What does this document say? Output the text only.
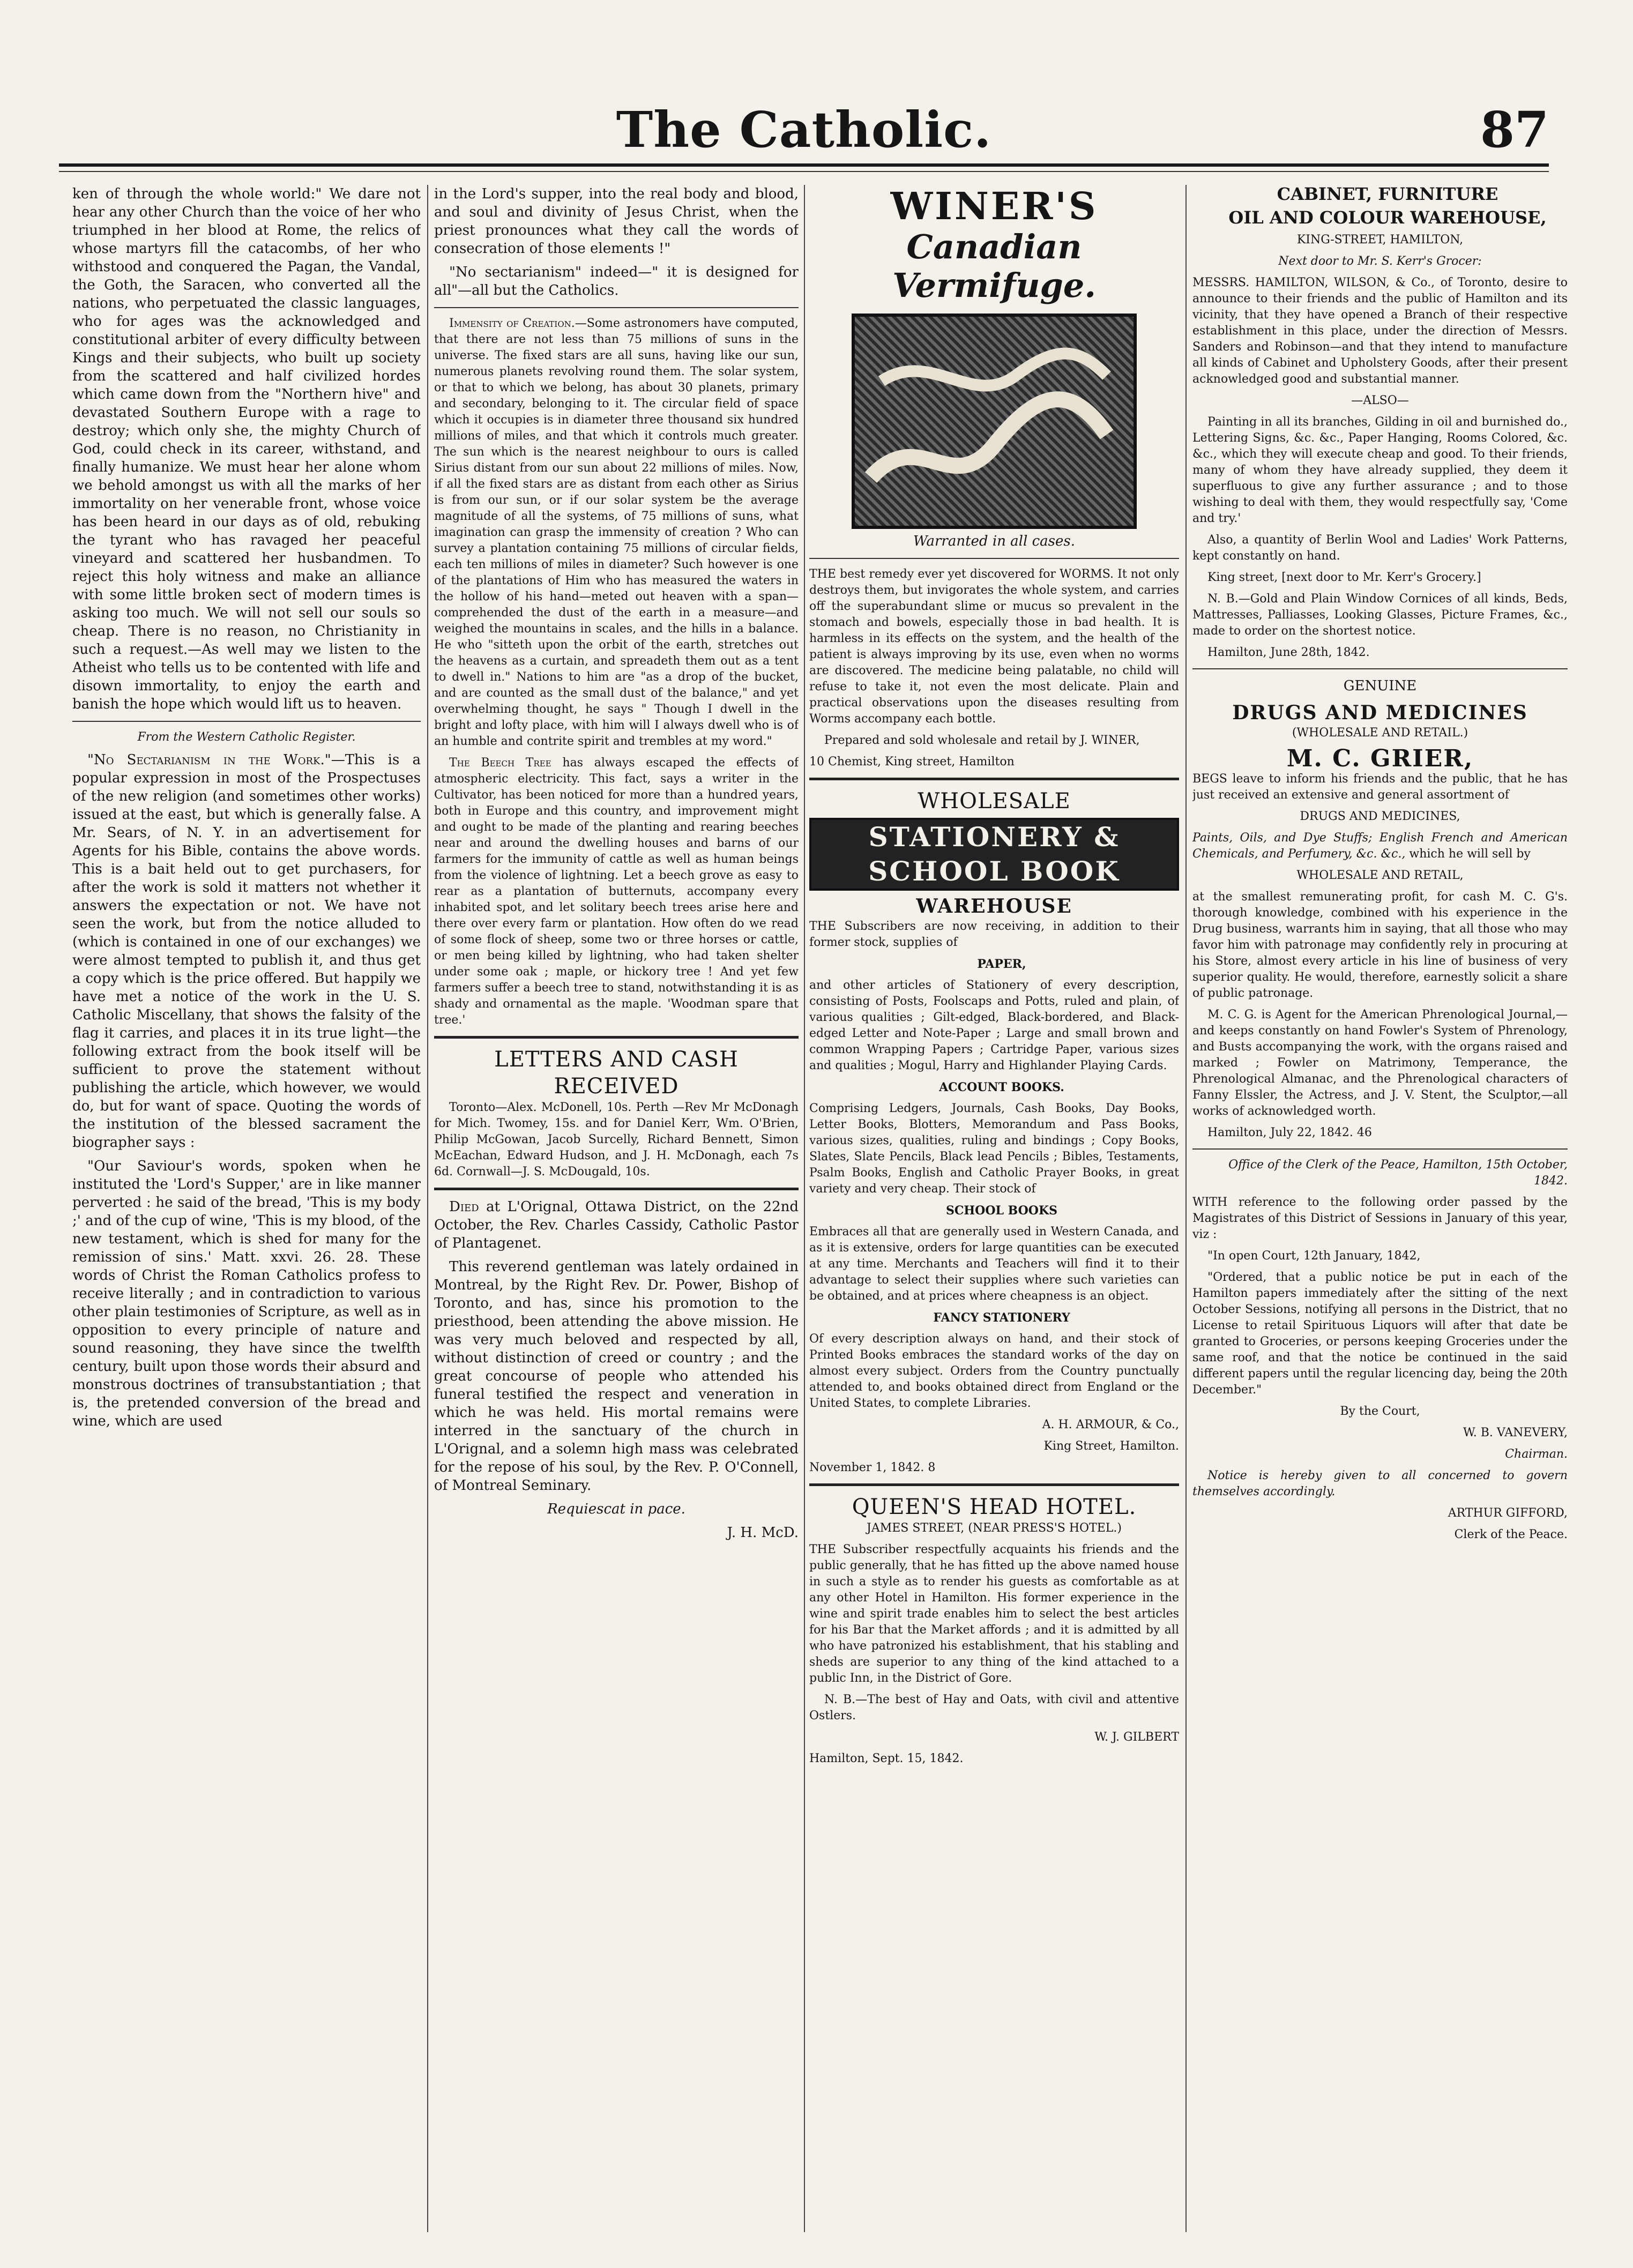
The Catholic.	87

ken of through the whole world:" We dare not hear any other Church than the voice of her who triumphed in her blood at Rome, the relics of whose martyrs fill the catacombs, of her who withstood and conquered the Pagan, the Vandal, the Goth, the Saracen, who converted all the nations, who perpetuated the classic languages, who for ages was the acknowledged and constitutional arbiter of every difficulty between Kings and their subjects, who built up society from the scattered and half civilized hordes which came down from the "Northern hive" and devastated Southern Europe with a rage to destroy; which only she, the mighty Church of God, could check in its career, withstand, and finally humanize. We must hear her alone whom we behold amongst us with all the marks of her immortality on her venerable front, whose voice has been heard in our days as of old, rebuking the tyrant who has ravaged her peaceful vineyard and scattered her husbandmen. To reject this holy witness and make an alliance with some little broken sect of modern times is asking too much. We will not sell our souls so cheap. There is no reason, no Christianity in such a request.—As well may we listen to the Atheist who tells us to be contented with life and disown immortality, to enjoy the earth and banish the hope which would lift us to heaven.

From the Western Catholic Register.

"No Sectarianism in the Work."—This is a popular expression in most of the Prospectuses of the new religion (and sometimes other works) issued at the east, but which is generally false. A Mr. Sears, of N. Y. in an advertisement for Agents for his Bible, contains the above words. This is a bait held out to get purchasers, for after the work is sold it matters not whether it answers the expectation or not. We have not seen the work, but from the notice alluded to (which is contained in one of our exchanges) we were almost tempted to publish it, and thus get a copy which is the price offered. But happily we have met a notice of the work in the U. S. Catholic Miscellany, that shows the falsity of the flag it carries, and places it in its true light—the following extract from the book itself will be sufficient to prove the statement without publishing the article, which however, we would do, but for want of space. Quoting the words of the institution of the blessed sacrament the biographer says :

"Our Saviour's words, spoken when he instituted the 'Lord's Supper,' are in like manner perverted : he said of the bread, 'This is my body ;' and of the cup of wine, 'This is my blood, of the new testament, which is shed for many for the remission of sins.' Matt. xxvi. 26. 28. These words of Christ the Roman Catholics profess to receive literally ; and in contradiction to various other plain testimonies of Scripture, as well as in opposition to every principle of nature and sound reasoning, they have since the twelfth century, built upon those words their absurd and monstrous doctrines of transubstantiation ; that is, the pretended conversion of the bread and wine, which are used

in the Lord's supper, into the real body and blood, and soul and divinity of Jesus Christ, when the priest pronounces what they call the words of consecration of those elements !"

"No sectarianism" indeed—" it is designed for all"—all but the Catholics.

Immensity of Creation.—Some astronomers have computed, that there are not less than 75 millions of suns in the universe. The fixed stars are all suns, having like our sun, numerous planets revolving round them. The solar system, or that to which we belong, has about 30 planets, primary and secondary, belonging to it. The circular field of space which it occupies is in diameter three thousand six hundred millions of miles, and that which it controls much greater. The sun which is the nearest neighbour to ours is called Sirius distant from our sun about 22 millions of miles. Now, if all the fixed stars are as distant from each other as Sirius is from our sun, or if our solar system be the average magnitude of all the systems, of 75 millions of suns, what imagination can grasp the immensity of creation ? Who can survey a plantation containing 75 millions of circular fields, each ten millions of miles in diameter? Such however is one of the plantations of Him who has measured the waters in the hollow of his hand—meted out heaven with a span—comprehended the dust of the earth in a measure—and weighed the mountains in scales, and the hills in a balance. He who "sitteth upon the orbit of the earth, stretches out the heavens as a curtain, and spreadeth them out as a tent to dwell in." Nations to him are "as a drop of the bucket, and are counted as the small dust of the balance," and yet overwhelming thought, he says " Though I dwell in the bright and lofty place, with him will I always dwell who is of an humble and contrite spirit and trembles at my word."

The Beech Tree has always escaped the effects of atmospheric electricity. This fact, says a writer in the Cultivator, has been noticed for more than a hundred years, both in Europe and this country, and improvement might and ought to be made of the planting and rearing beeches near and around the dwelling houses and barns of our farmers for the immunity of cattle as well as human beings from the violence of lightning. Let a beech grove as easy to rear as a plantation of butternuts, accompany every inhabited spot, and let solitary beech trees arise here and there over every farm or plantation. How often do we read of some flock of sheep, some two or three horses or cattle, or men being killed by lightning, who had taken shelter under some oak ; maple, or hickory tree ! And yet few farmers suffer a beech tree to stand, notwithstanding it is as shady and ornamental as the maple. 'Woodman spare that tree.'

LETTERS AND CASH RECEIVED

Toronto—Alex. McDonell, 10s. Perth —Rev Mr McDonagh for Mich. Twomey, 15s. and for Daniel Kerr, Wm. O'Brien, Philip McGowan, Jacob Surcelly, Richard Bennett, Simon McEachan, Edward Hudson, and J. H. McDonagh, each 7s 6d. Cornwall—J. S. McDougald, 10s.

Died at L'Orignal, Ottawa District, on the 22nd October, the Rev. Charles Cassidy, Catholic Pastor of Plantagenet.

This reverend gentleman was lately ordained in Montreal, by the Right Rev. Dr. Power, Bishop of Toronto, and has, since his promotion to the priesthood, been attending the above mission. He was very much beloved and respected by all, without distinction of creed or country ; and the great concourse of people who attended his funeral testified the respect and veneration in which he was held. His mortal remains were interred in the sanctuary of the church in L'Orignal, and a solemn high mass was celebrated for the repose of his soul, by the Rev. P. O'Connell, of Montreal Seminary.

Requiescat in pace.

J. H. McD.

WINER'S
Canadian Vermifuge.

Warranted in all cases.

THE best remedy ever yet discovered for WORMS. It not only destroys them, but invigorates the whole system, and carries off the superabundant slime or mucus so prevalent in the stomach and bowels, especially those in bad health. It is harmless in its effects on the system, and the health of the patient is always improving by its use, even when no worms are discovered. The medicine being palatable, no child will refuse to take it, not even the most delicate. Plain and practical observations upon the diseases resulting from Worms accompany each bottle.

Prepared and sold wholesale and retail by J. WINER,

10 Chemist, King street, Hamilton

WHOLESALE
STATIONERY & SCHOOL BOOK
WAREHOUSE

THE Subscribers are now receiving, in addition to their former stock, supplies of

PAPER,

and other articles of Stationery of every description, consisting of Posts, Foolscaps and Potts, ruled and plain, of various qualities ; Gilt-edged, Black-bordered, and Black-edged Letter and Note-Paper ; Large and small brown and common Wrapping Papers ; Cartridge Paper, various sizes and qualities ; Mogul, Harry and Highlander Playing Cards.

ACCOUNT BOOKS.

Comprising Ledgers, Journals, Cash Books, Day Books, Letter Books, Blotters, Memorandum and Pass Books, various sizes, qualities, ruling and bindings ; Copy Books, Slates, Slate Pencils, Black lead Pencils ; Bibles, Testaments, Psalm Books, English and Catholic Prayer Books, in great variety and very cheap. Their stock of

SCHOOL BOOKS

Embraces all that are generally used in Western Canada, and as it is extensive, orders for large quantities can be executed at any time. Merchants and Teachers will find it to their advantage to select their supplies where such varieties can be obtained, and at prices where cheapness is an object.

FANCY STATIONERY

Of every description always on hand, and their stock of Printed Books embraces the standard works of the day on almost every subject. Orders from the Country punctually attended to, and books obtained direct from England or the United States, to complete Libraries.

A. H. ARMOUR, & Co.,

King Street, Hamilton.

November 1, 1842. 8

QUEEN'S HEAD HOTEL.

JAMES STREET, (NEAR PRESS'S HOTEL.)

THE Subscriber respectfully acquaints his friends and the public generally, that he has fitted up the above named house in such a style as to render his guests as comfortable as at any other Hotel in Hamilton. His former experience in the wine and spirit trade enables him to select the best articles for his Bar that the Market affords ; and it is admitted by all who have patronized his establishment, that his stabling and sheds are superior to any thing of the kind attached to a public Inn, in the District of Gore.

N. B.—The best of Hay and Oats, with civil and attentive Ostlers.

W. J. GILBERT

Hamilton, Sept. 15, 1842.

CABINET, FURNITURE

OIL AND COLOUR WAREHOUSE,

KING-STREET, HAMILTON,

Next door to Mr. S. Kerr's Grocer:

MESSRS. HAMILTON, WILSON, & Co., of Toronto, desire to announce to their friends and the public of Hamilton and its vicinity, that they have opened a Branch of their respective establishment in this place, under the direction of Messrs. Sanders and Robinson—and that they intend to manufacture all kinds of Cabinet and Upholstery Goods, after their present acknowledged good and substantial manner.

—ALSO—

Painting in all its branches, Gilding in oil and burnished do., Lettering Signs, &c. &c., Paper Hanging, Rooms Colored, &c. &c., which they will execute cheap and good. To their friends, many of whom they have already supplied, they deem it superfluous to give any further assurance ; and to those wishing to deal with them, they would respectfully say, 'Come and try.'

Also, a quantity of Berlin Wool and Ladies' Work Patterns, kept constantly on hand.

King street, [next door to Mr. Kerr's Grocery.]

N. B.—Gold and Plain Window Cornices of all kinds, Beds, Mattresses, Palliasses, Looking Glasses, Picture Frames, &c., made to order on the shortest notice.

Hamilton, June 28th, 1842.

GENUINE

DRUGS AND MEDICINES

(WHOLESALE AND RETAIL.)

M. C. GRIER,

BEGS leave to inform his friends and the public, that he has just received an extensive and general assortment of

DRUGS AND MEDICINES,

Paints, Oils, and Dye Stuffs; English French and American Chemicals, and Perfumery, &c. &c., which he will sell by

WHOLESALE AND RETAIL,

at the smallest remunerating profit, for cash M. C. G's. thorough knowledge, combined with his experience in the Drug business, warrants him in saying, that all those who may favor him with patronage may confidently rely in procuring at his Store, almost every article in his line of business of very superior quality. He would, therefore, earnestly solicit a share of public patronage.

M. C. G. is Agent for the American Phrenological Journal,—and keeps constantly on hand Fowler's System of Phrenology, and Busts accompanying the work, with the organs raised and marked ; Fowler on Matrimony, Temperance, the Phrenological Almanac, and the Phrenological characters of Fanny Elssler, the Actress, and J. V. Stent, the Sculptor,—all works of acknowledged worth.

Hamilton, July 22, 1842. 46

Office of the Clerk of the Peace, Hamilton, 15th October, 1842.

WITH reference to the following order passed by the Magistrates of this District of Sessions in January of this year, viz :

"In open Court, 12th January, 1842,

"Ordered, that a public notice be put in each of the Hamilton papers immediately after the sitting of the next October Sessions, notifying all persons in the District, that no License to retail Spirituous Liquors will after that date be granted to Groceries, or persons keeping Groceries under the same roof, and that the notice be continued in the said different papers until the regular licencing day, being the 20th December."

By the Court,

W. B. VANEVERY,

Chairman.

Notice is hereby given to all concerned to govern themselves accordingly.

ARTHUR GIFFORD,

Clerk of the Peace.
